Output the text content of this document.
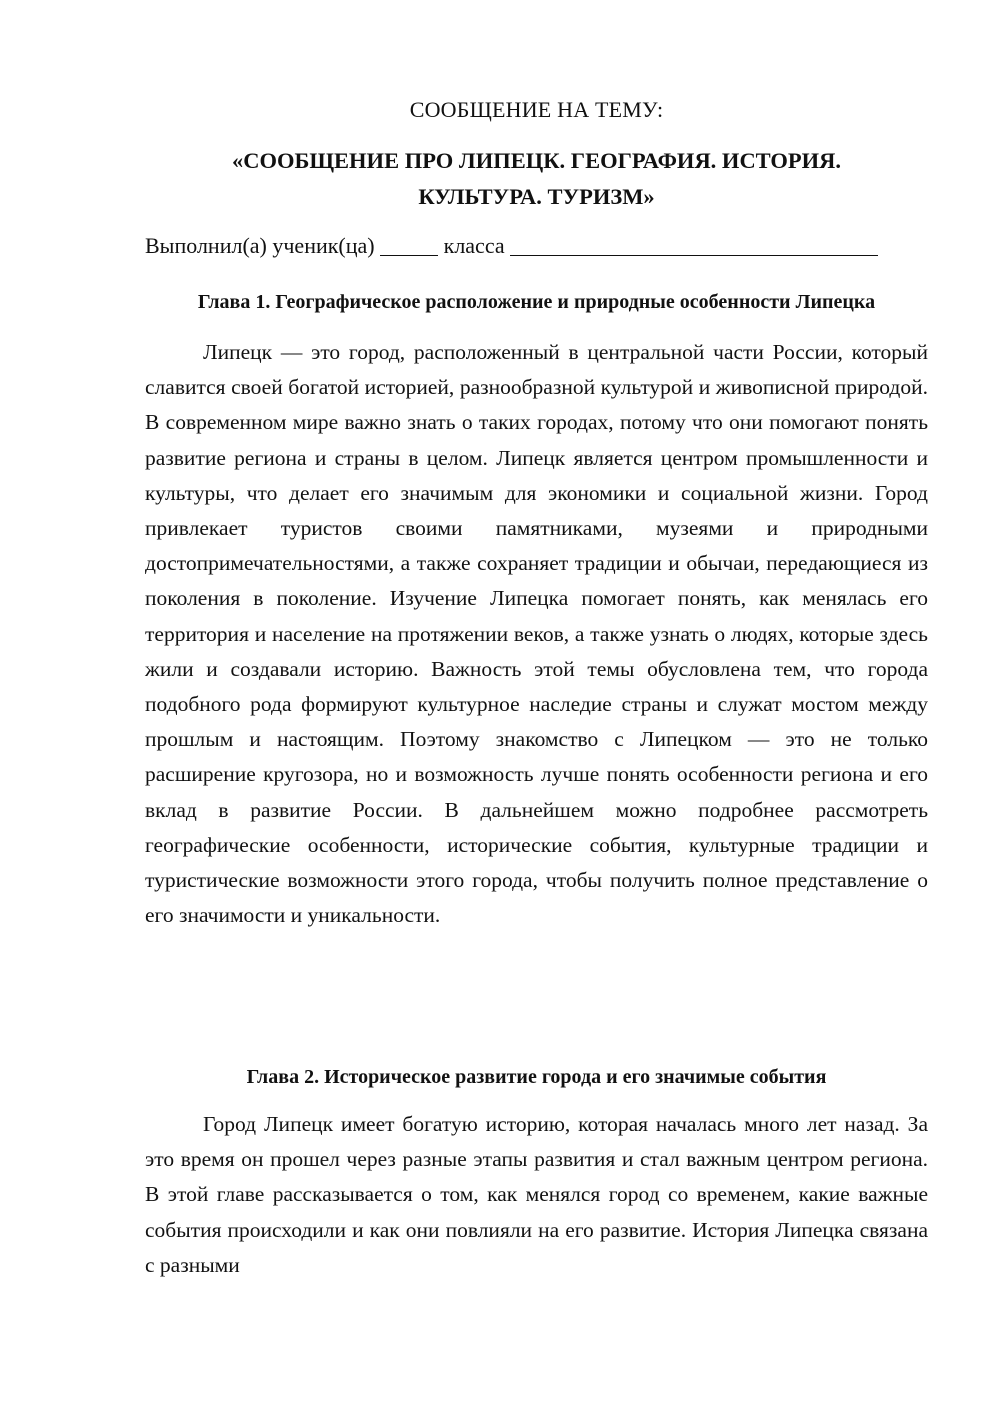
СООБЩЕНИЕ НА ТЕМУ:
«СООБЩЕНИЕ ПРО ЛИПЕЦК. ГЕОГРАФИЯ. ИСТОРИЯ.
КУЛЬТУРА. ТУРИЗМ»
Выполнил(а) ученик(ца)	класса
Глава 1. Географическое расположение и природные особенности Липецка
Липецк — это город, расположенный в центральной части России, который славится своей богатой историей, разнообразной культурой и живописной природой. В современном мире важно знать о таких городах, потому что они помогают понять развитие региона и страны в целом. Липецк является центром промышленности и культуры, что делает его значимым для экономики и социальной жизни. Город привлекает туристов своими памятниками, музеями и природными достопримечательностями, а также сохраняет традиции и обычаи, передающиеся из поколения в поколение. Изучение Липецка помогает понять, как менялась его территория и население на протяжении веков, а также узнать о людях, которые здесь жили и создавали историю. Важность этой темы обусловлена тем, что города подобного рода формируют культурное наследие страны и служат мостом между прошлым и настоящим. Поэтому знакомство с Липецком — это не только расширение кругозора, но и возможность лучше понять особенности региона и его вклад в развитие России. В дальнейшем можно подробнее рассмотреть географические особенности, исторические события, культурные традиции и туристические возможности этого города, чтобы получить полное представление о его значимости и уникальности.
Глава 2. Историческое развитие города и его значимые события
Город Липецк имеет богатую историю, которая началась много лет назад. За это время он прошел через разные этапы развития и стал важным центром региона. В этой главе рассказывается о том, как менялся город со временем, какие важные события происходили и как они повлияли на его развитие. История Липецка связана с разными
